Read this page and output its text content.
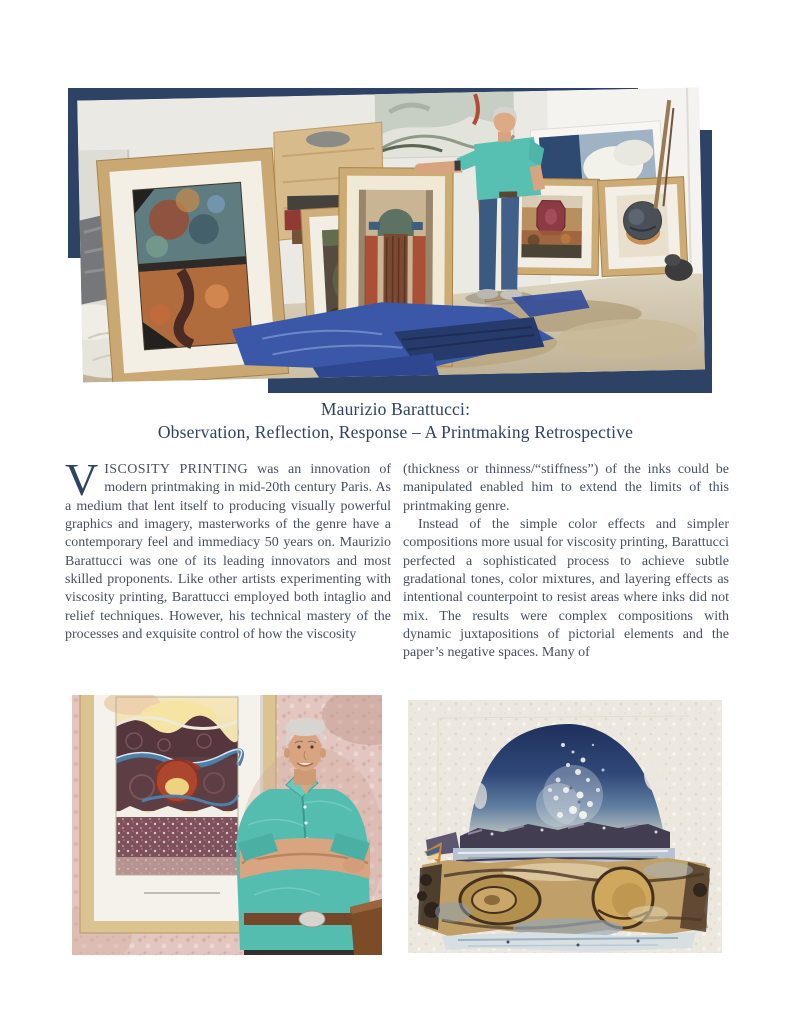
Maurizio Barattucci:
Observation, Reflection, Response – A Printmaking Retrospective

VISCOSITY PRINTING was an innovation of modern printmaking in mid-20th century Paris. As a medium that lent itself to producing visually powerful graphics and imagery, masterworks of the genre have a contemporary feel and immediacy 50 years on. Maurizio Barattucci was one of its leading innovators and most skilled proponents. Like other artists experimenting with viscosity printing, Barattucci employed both intaglio and relief techniques. However, his technical mastery of the processes and exquisite control of how the viscosity

(thickness or thinness/“stiffness”) of the inks could be manipulated enabled him to extend the limits of this printmaking genre.

Instead of the simple color effects and simpler compositions more usual for viscosity printing, Barattucci perfected a sophisticated process to achieve subtle gradational tones, color mixtures, and layering effects as intentional counterpoint to resist areas where inks did not mix. The results were complex compositions with dynamic juxtapositions of pictorial elements and the paper’s negative spaces. Many of
